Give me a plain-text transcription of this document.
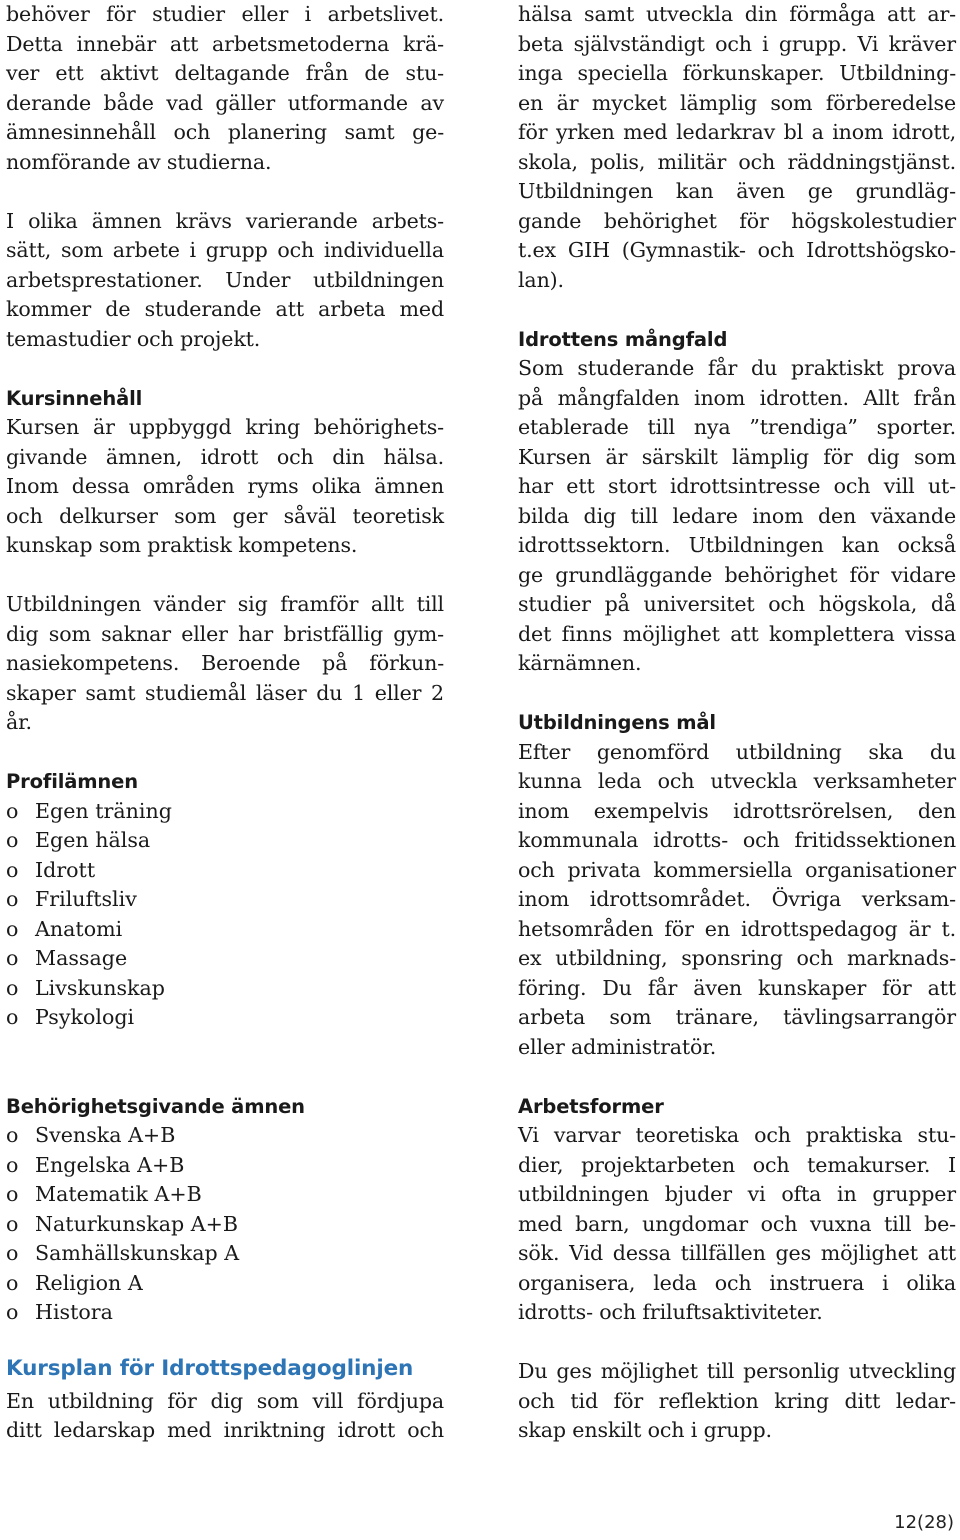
behöver för studier eller i arbetslivet.
Detta innebär att arbetsmetoderna krä-
ver ett aktivt deltagande från de stu-
derande både vad gäller utformande av
ämnesinnehåll och planering samt ge-
nomförande av studierna.
I olika ämnen krävs varierande arbets-
sätt, som arbete i grupp och individuella
arbetsprestationer. Under utbildningen
kommer de studerande att arbeta med
temastudier och projekt.
Kursinnehåll
Kursen är uppbyggd kring behörighets-
givande ämnen, idrott och din hälsa.
Inom dessa områden ryms olika ämnen
och delkurser som ger såväl teoretisk
kunskap som praktisk kompetens.
Utbildningen vänder sig framför allt till
dig som saknar eller har bristfällig gym-
nasiekompetens. Beroende på förkun-
skaper samt studiemål läser du 1 eller 2
år.
Profilämnen
o Egen träning
o Egen hälsa
o Idrott
o Friluftsliv
o Anatomi
o Massage
o Livskunskap
o Psykologi
Behörighetsgivande ämnen
o Svenska A+B
o Engelska A+B
o Matematik A+B
o Naturkunskap A+B
o Samhällskunskap A
o Religion A
o Histora
Kursplan för Idrottspedagoglinjen
En utbildning för dig som vill fördjupa
ditt ledarskap med inriktning idrott och
hälsa samt utveckla din förmåga att ar-
beta självständigt och i grupp. Vi kräver
inga speciella förkunskaper. Utbildning-
en är mycket lämplig som förberedelse
för yrken med ledarkrav bl a inom idrott,
skola, polis, militär och räddningstjänst.
Utbildningen kan även ge grundläg-
gande behörighet för högskolestudier
t.ex GIH (Gymnastik- och Idrottshögsko-
lan).
Idrottens mångfald
Som studerande får du praktiskt prova
på mångfalden inom idrotten. Allt från
etablerade till nya ”trendiga” sporter.
Kursen är särskilt lämplig för dig som
har ett stort idrottsintresse och vill ut-
bilda dig till ledare inom den växande
idrottssektorn. Utbildningen kan också
ge grundläggande behörighet för vidare
studier på universitet och högskola, då
det finns möjlighet att komplettera vissa
kärnämnen.
Utbildningens mål
Efter genomförd utbildning ska du
kunna leda och utveckla verksamheter
inom exempelvis idrottsrörelsen, den
kommunala idrotts- och fritidssektionen
och privata kommersiella organisationer
inom idrottsområdet. Övriga verksam-
hetsområden för en idrottspedagog är t.
ex utbildning, sponsring och marknads-
föring. Du får även kunskaper för att
arbeta som tränare, tävlingsarrangör
eller administratör.
Arbetsformer
Vi varvar teoretiska och praktiska stu-
dier, projektarbeten och temakurser. I
utbildningen bjuder vi ofta in grupper
med barn, ungdomar och vuxna till be-
sök. Vid dessa tillfällen ges möjlighet att
organisera, leda och instruera i olika
idrotts- och friluftsaktiviteter.
Du ges möjlighet till personlig utveckling
och tid för reflektion kring ditt ledar-
skap enskilt och i grupp.
12(28)
